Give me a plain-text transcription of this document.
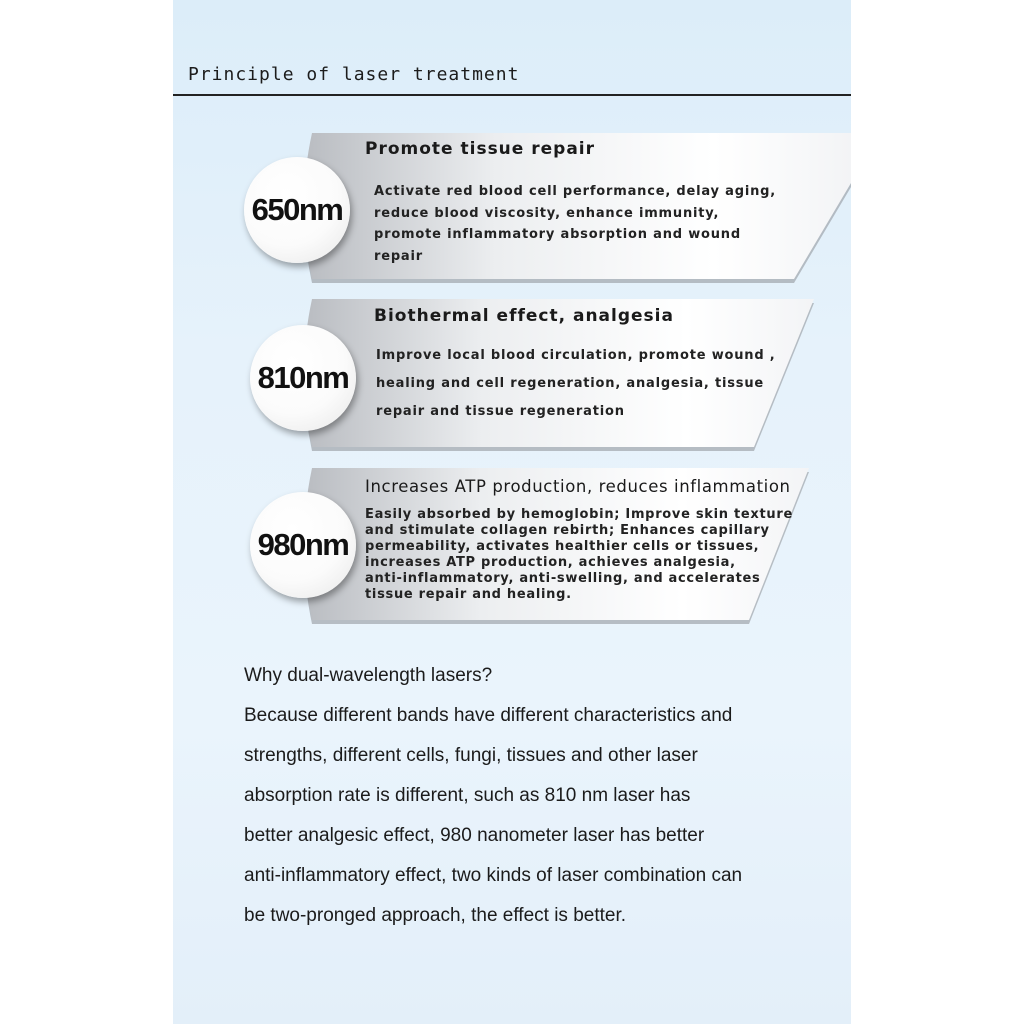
Principle of laser treatment
650nm
Promote tissue repair
Activate red blood cell performance, delay aging,
reduce blood viscosity, enhance immunity,
promote inflammatory absorption and wound
repair
810nm
Biothermal effect, analgesia
Improve local blood circulation, promote wound ,
healing and cell regeneration, analgesia, tissue
repair and tissue regeneration
980nm
Increases ATP production, reduces inflammation
Easily absorbed by hemoglobin; Improve skin texture
and stimulate collagen rebirth; Enhances capillary
permeability, activates healthier cells or tissues,
increases ATP production, achieves analgesia,
anti-inflammatory, anti-swelling, and accelerates
tissue repair and healing.
Why dual-wavelength lasers?
Because different bands have different characteristics and
strengths, different cells, fungi, tissues and other laser
absorption rate is different, such as 810 nm laser has
better analgesic effect, 980 nanometer laser has better
anti-inflammatory effect, two kinds of laser combination can
be two-pronged approach, the effect is better.
